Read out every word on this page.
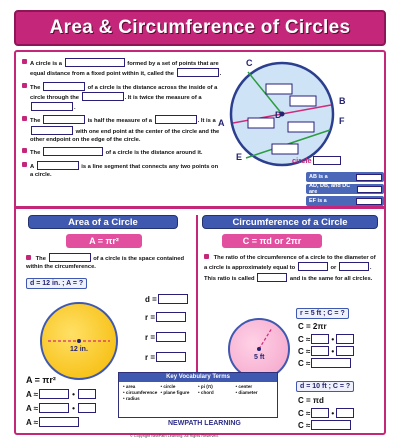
Area & Circumference of Circles
A circle is a	formed by a set of points that are equal distance from a fixed point within it, called the	.
The	of a circle is the distance across the inside of a circle through the	. It is twice the measure of a .
The	is half the measure of a	. It is a  with one end point at the center of the circle and the other endpoint on the edge of the circle.
The	of a circle is the distance around it.
A	is a line segment that connects any two points on a circle.
C
B
D
A	F
E	circle
AB is a
AD, DB, and DC are
EF is a
Area of a Circle
A = πr²
The	of a circle is the space contained within the circumference.
d = 12 in. ; A = ?
d =
r =
r =
r =
12 in.
A = πr²
A ≈	•
A ≈	•
A ≈
Circumference of a Circle
C = πd or 2πr
The ratio of the circumference of a circle to the diameter of a circle is approximately equal to	or	. This ratio is called	and is the same for all circles.
r = 5 ft ; C = ?
C = 2πr
C ≈	•
C ≈	•
C ≈
5 ft
d = 10 ft ; C = ?
C = πd
C ≈	•
C ≈
Key Vocabulary Terms
• area	• circle	• pi (π)	• center
• circumference • plane figure	• chord	• diameter
• radius
NEWPATH LEARNING
© Copyright NewPath Learning. All Rights Reserved.
